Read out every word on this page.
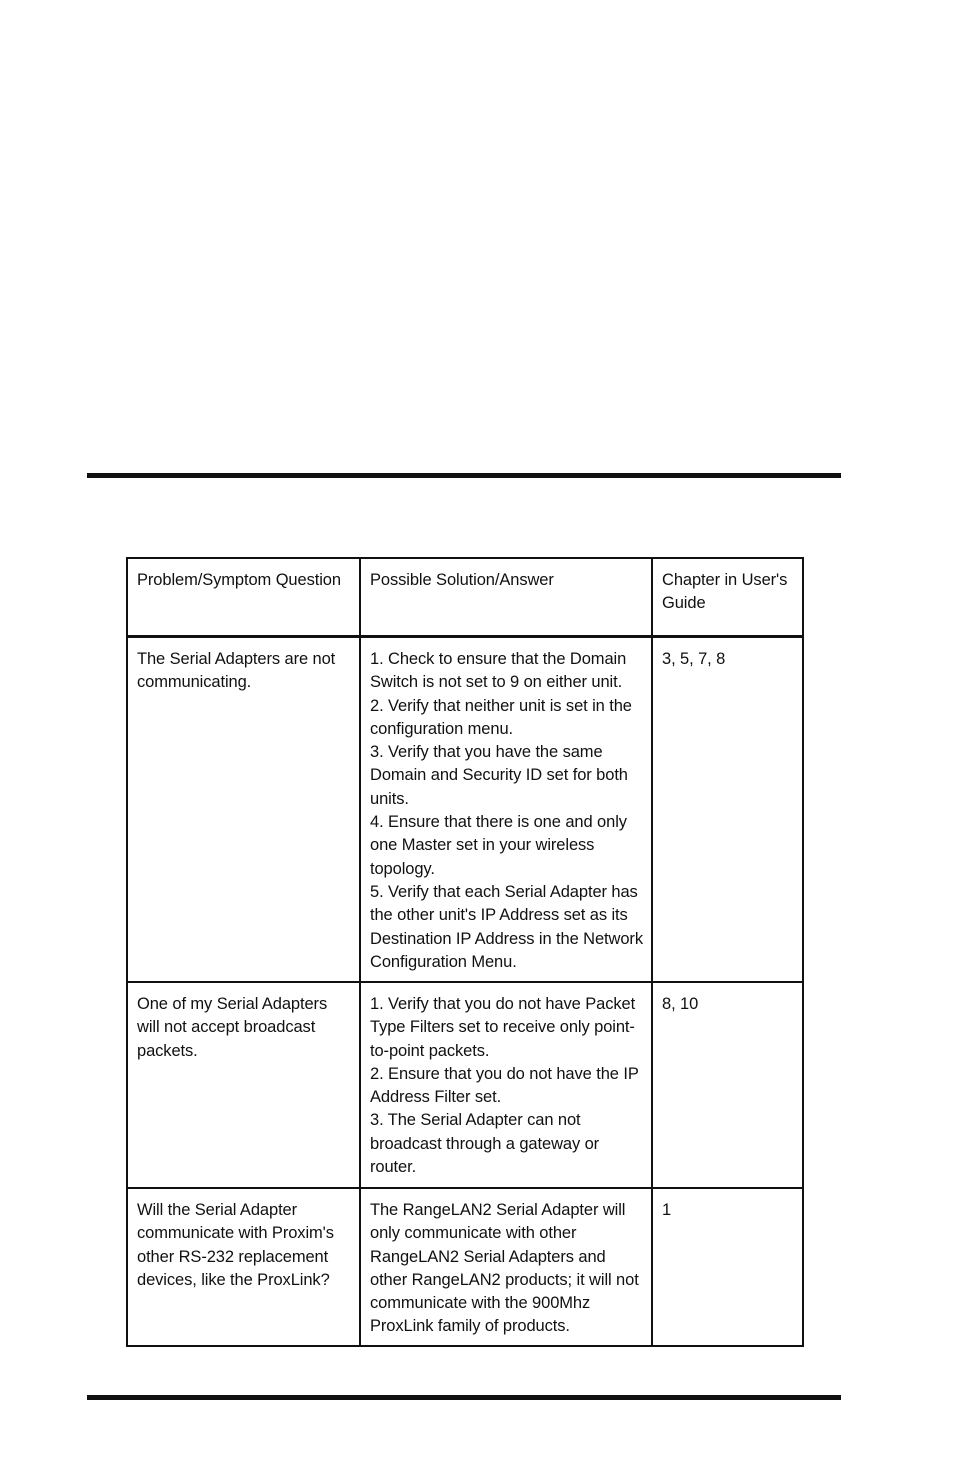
Problem/Symptom Question	Possible Solution/Answer	Chapter in User's Guide
The Serial Adapters are not communicating.	1. Check to ensure that the Domain Switch is not set to 9 on either unit.
2. Verify that neither unit is set in the configuration menu.
3. Verify that you have the same Domain and Security ID set for both units.
4. Ensure that there is one and only one Master set in your wireless topology.
5. Verify that each Serial Adapter has the other unit's IP Address set as its Destination IP Address in the Network Configuration Menu.	3, 5, 7, 8
One of my Serial Adapters will not accept broadcast packets.	1. Verify that you do not have Packet Type Filters set to receive only point-to-point packets.
2. Ensure that you do not have the IP Address Filter set.
3. The Serial Adapter can not broadcast through a gateway or router.	8, 10
Will the Serial Adapter communicate with Proxim's other RS-232 replacement devices, like the ProxLink?	The RangeLAN2 Serial Adapter will only communicate with other RangeLAN2 Serial Adapters and other RangeLAN2 products; it will not communicate with the 900Mhz ProxLink family of products.	1
